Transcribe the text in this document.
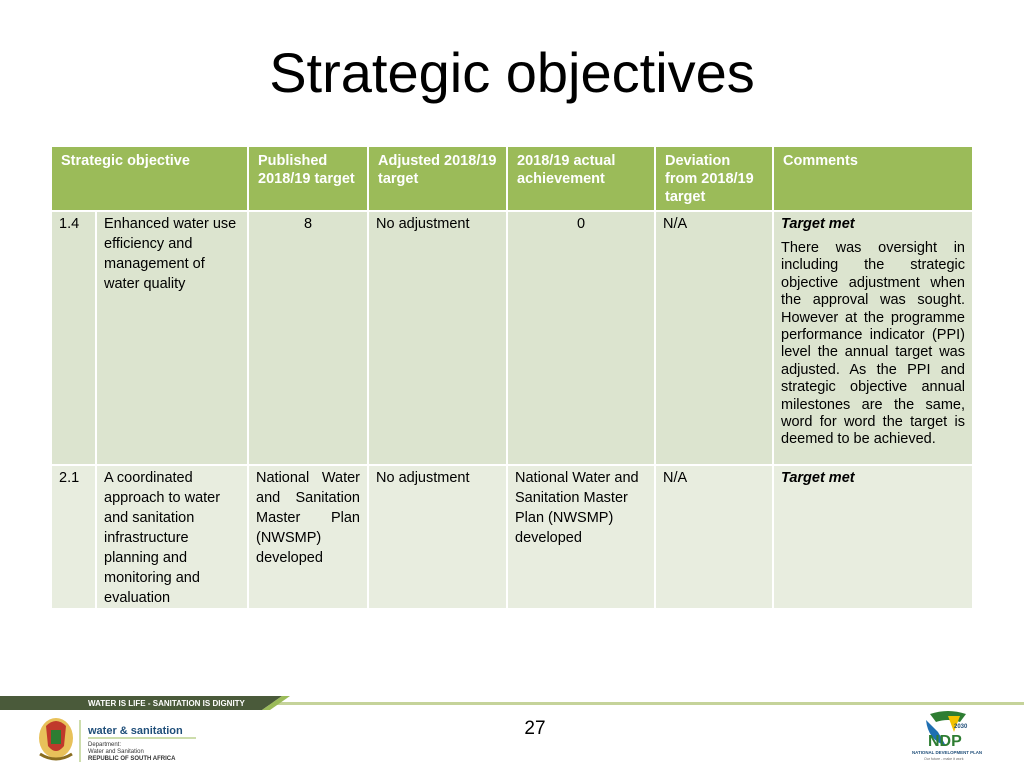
Strategic objectives
Strategic objective		Published 2018/19 target	Adjusted 2018/19 target	2018/19 actual achievement	Deviation from 2018/19 target	Comments
1.4	Enhanced water use efficiency and management of water quality	8	No adjustment	0	N/A	Target met
There was oversight in including the strategic objective adjustment when the approval was sought. However at the programme performance indicator (PPI) level the annual target was adjusted. As the PPI and strategic objective annual milestones are the same, word for word the target is deemed to be achieved.

2.1	A coordinated approach to water and sanitation infrastructure planning and monitoring and evaluation	National Water and Sanitation Master Plan (NWSMP) developed	No adjustment	National Water and Sanitation Master Plan (NWSMP) developed	N/A	Target met
WATER IS LIFE - SANITATION IS DIGNITY
27
water & sanitation
Department:
Water and Sanitation
REPUBLIC OF SOUTH AFRICA
2030
NDP
NATIONAL DEVELOPMENT PLAN
Our future - make it work
